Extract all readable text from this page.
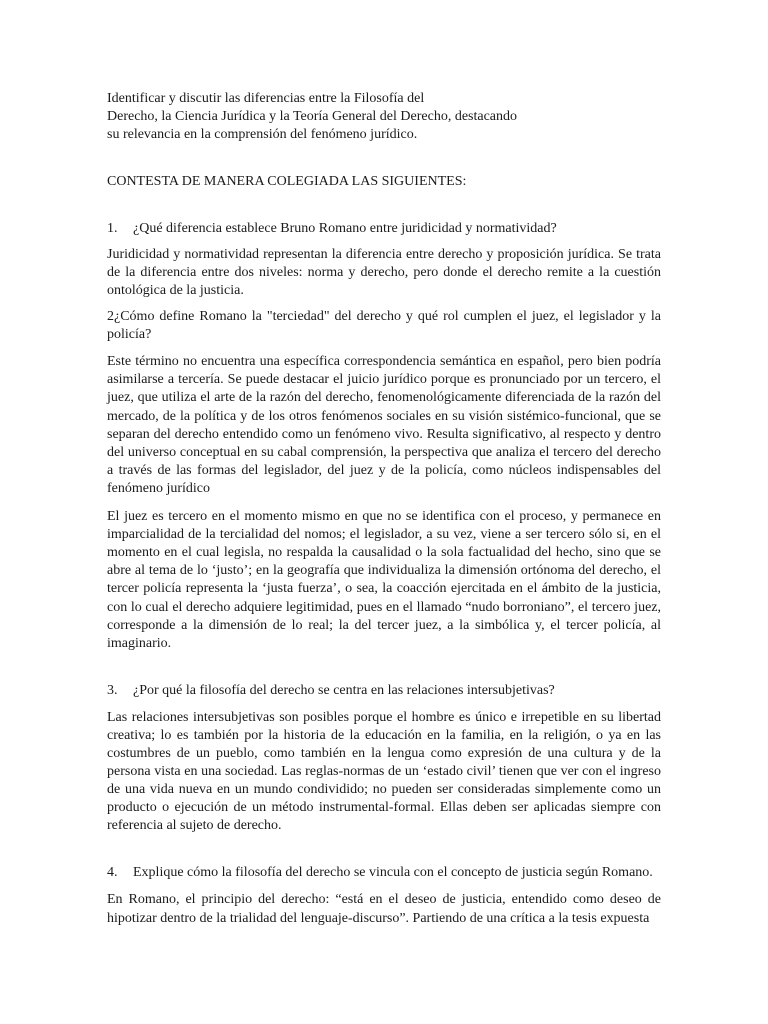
Identificar y discutir las diferencias entre la Filosofía del
Derecho, la Ciencia Jurídica y la Teoría General del Derecho, destacando
su relevancia en la comprensión del fenómeno jurídico.
CONTESTA DE MANERA COLEGIADA LAS SIGUIENTES:
1. ¿Qué diferencia establece Bruno Romano entre juridicidad y normatividad?

Juridicidad y normatividad representan la diferencia entre derecho y proposición jurídica. Se trata de la diferencia entre dos niveles: norma y derecho, pero donde el derecho remite a la cuestión ontológica de la justicia.

2¿Cómo define Romano la "terciedad" del derecho y qué rol cumplen el juez, el legislador y la policía?

Este término no encuentra una específica correspondencia semántica en español, pero bien podría asimilarse a tercería. Se puede destacar el juicio jurídico porque es pronunciado por un tercero, el juez, que utiliza el arte de la razón del derecho, fenomenológicamente diferenciada de la razón del mercado, de la política y de los otros fenómenos sociales en su visión sistémico-funcional, que se separan del derecho entendido como un fenómeno vivo. Resulta significativo, al respecto y dentro del universo conceptual en su cabal comprensión, la perspectiva que analiza el tercero del derecho a través de las formas del legislador, del juez y de la policía, como núcleos indispensables del fenómeno jurídico

El juez es tercero en el momento mismo en que no se identifica con el proceso, y permanece en imparcialidad de la tercialidad del nomos; el legislador, a su vez, viene a ser tercero sólo si, en el momento en el cual legisla, no respalda la causalidad o la sola factualidad del hecho, sino que se abre al tema de lo ‘justo’; en la geografía que individualiza la dimensión ortónoma del derecho, el tercer policía representa la ‘justa fuerza’, o sea, la coacción ejercitada en el ámbito de la justicia, con lo cual el derecho adquiere legitimidad, pues en el llamado “nudo borroniano”, el tercero juez, corresponde a la dimensión de lo real; la del tercer juez, a la simbólica y, el tercer policía, al imaginario.

3. ¿Por qué la filosofía del derecho se centra en las relaciones intersubjetivas?

Las relaciones intersubjetivas son posibles porque el hombre es único e irrepetible en su libertad creativa; lo es también por la historia de la educación en la familia, en la religión, o ya en las costumbres de un pueblo, como también en la lengua como expresión de una cultura y de la persona vista en una sociedad. Las reglas-normas de un ‘estado civil’ tienen que ver con el ingreso de una vida nueva en un mundo condividido; no pueden ser consideradas simplemente como un producto o ejecución de un método instrumental-formal. Ellas deben ser aplicadas siempre con referencia al sujeto de derecho.

4. Explique cómo la filosofía del derecho se vincula con el concepto de justicia según Romano.

En Romano, el principio del derecho: “está en el deseo de justicia, entendido como deseo de hipotizar dentro de la trialidad del lenguaje-discurso”. Partiendo de una crítica a la tesis expuesta
